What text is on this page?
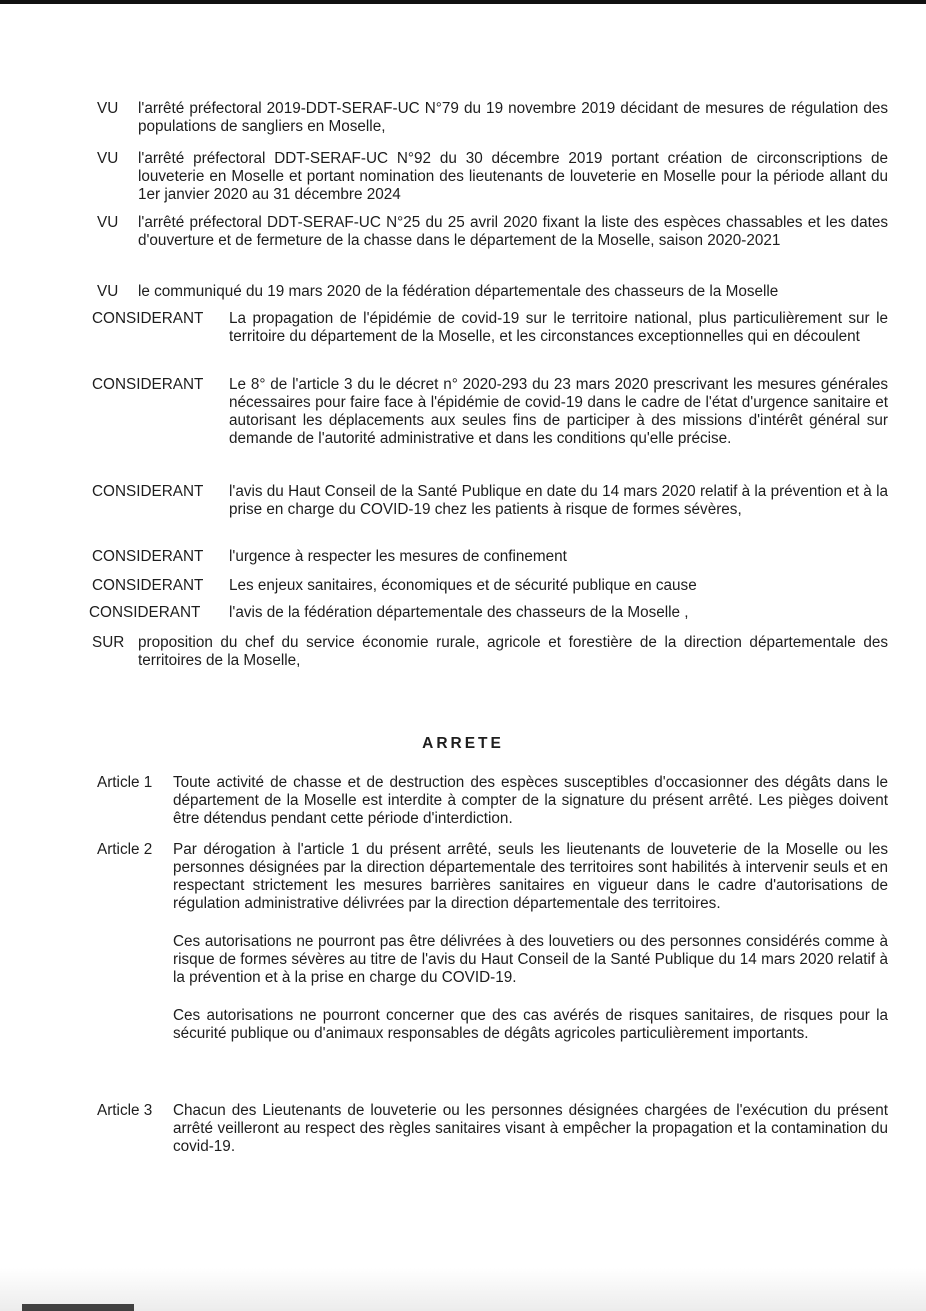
VU l'arrêté préfectoral 2019-DDT-SERAF-UC N°79 du 19 novembre 2019 décidant de mesures de régulation des populations de sangliers en Moselle,
VU l'arrêté préfectoral DDT-SERAF-UC N°92 du 30 décembre 2019 portant création de circonscriptions de louveterie en Moselle et portant nomination des lieutenants de louveterie en Moselle pour la période allant du 1er janvier 2020 au 31 décembre 2024
VU l'arrêté préfectoral DDT-SERAF-UC N°25 du 25 avril 2020 fixant la liste des espèces chassables et les dates d'ouverture et de fermeture de la chasse dans le département de la Moselle, saison 2020-2021
VU le communiqué du 19 mars 2020 de la fédération départementale des chasseurs de la Moselle
CONSIDERANT La propagation de l'épidémie de covid-19 sur le territoire national, plus particulièrement sur le territoire du département de la Moselle, et les circonstances exceptionnelles qui en découlent
CONSIDERANT Le 8° de l'article 3 du le décret n° 2020-293 du 23 mars 2020 prescrivant les mesures générales nécessaires pour faire face à l'épidémie de covid-19 dans le cadre de l'état d'urgence sanitaire et autorisant les déplacements aux seules fins de participer à des missions d'intérêt général sur demande de l'autorité administrative et dans les conditions qu'elle précise.
CONSIDERANT l'avis du Haut Conseil de la Santé Publique en date du 14 mars 2020 relatif à la prévention et à la prise en charge du COVID-19 chez les patients à risque de formes sévères,
CONSIDERANT l'urgence à respecter les mesures de confinement
CONSIDERANT Les enjeux sanitaires, économiques et de sécurité publique en cause
CONSIDERANT l'avis de la fédération départementale des chasseurs de la Moselle ,
SUR proposition du chef du service économie rurale, agricole et forestière de la direction départementale des territoires de la Moselle,
ARRETE
Article 1 Toute activité de chasse et de destruction des espèces susceptibles d'occasionner des dégâts dans le département de la Moselle est interdite à compter de la signature du présent arrêté. Les pièges doivent être détendus pendant cette période d'interdiction.

Article 2 Par dérogation à l'article 1 du présent arrêté, seuls les lieutenants de louveterie de la Moselle ou les personnes désignées par la direction départementale des territoires sont habilités à intervenir seuls et en respectant strictement les mesures barrières sanitaires en vigueur dans le cadre d'autorisations de régulation administrative délivrées par la direction départementale des territoires.

Ces autorisations ne pourront pas être délivrées à des louvetiers ou des personnes considérés comme à risque de formes sévères au titre de l'avis du Haut Conseil de la Santé Publique du 14 mars 2020 relatif à la prévention et à la prise en charge du COVID-19.

Ces autorisations ne pourront concerner que des cas avérés de risques sanitaires, de risques pour la sécurité publique ou d'animaux responsables de dégâts agricoles particulièrement importants.

Article 3 Chacun des Lieutenants de louveterie ou les personnes désignées chargées de l'exécution du présent arrêté veilleront au respect des règles sanitaires visant à empêcher la propagation et la contamination du covid-19.
